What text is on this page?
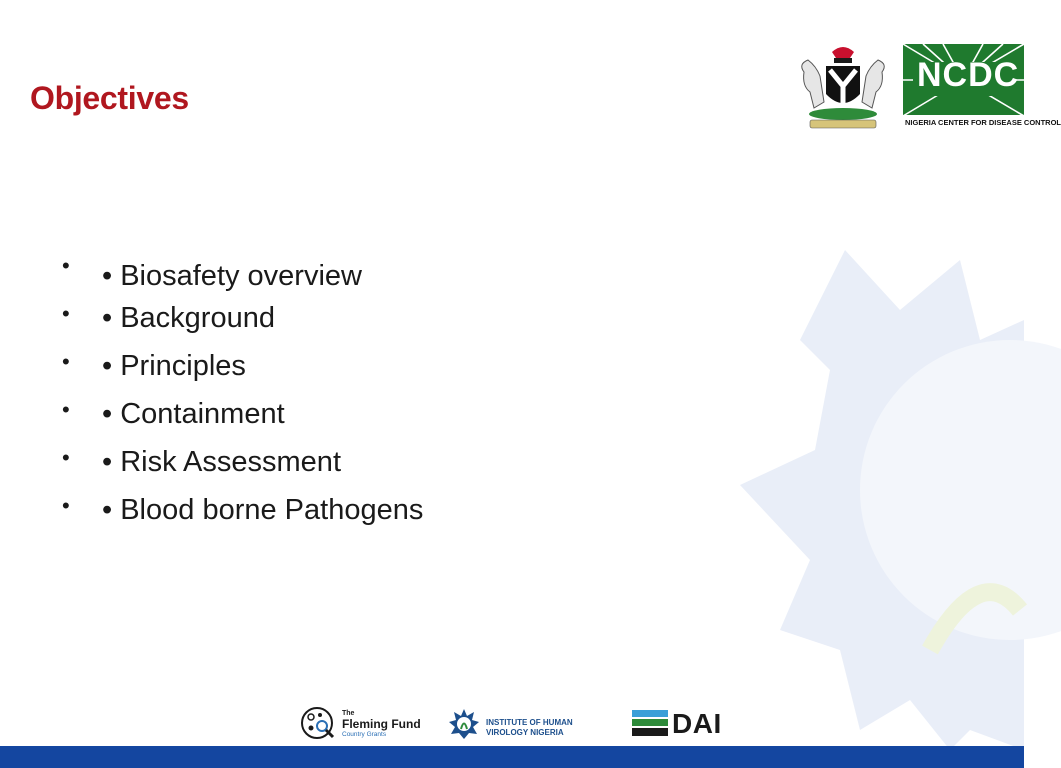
Objectives
• • Biosafety overview
• • Background
• • Principles
• • Containment
• • Risk Assessment
• • Blood borne Pathogens
NCDC
NIGERIA CENTER FOR DISEASE CONTROL
The
Fleming Fund
Country Grants
INSTITUTE OF HUMAN
VIROLOGY NIGERIA	DAI
